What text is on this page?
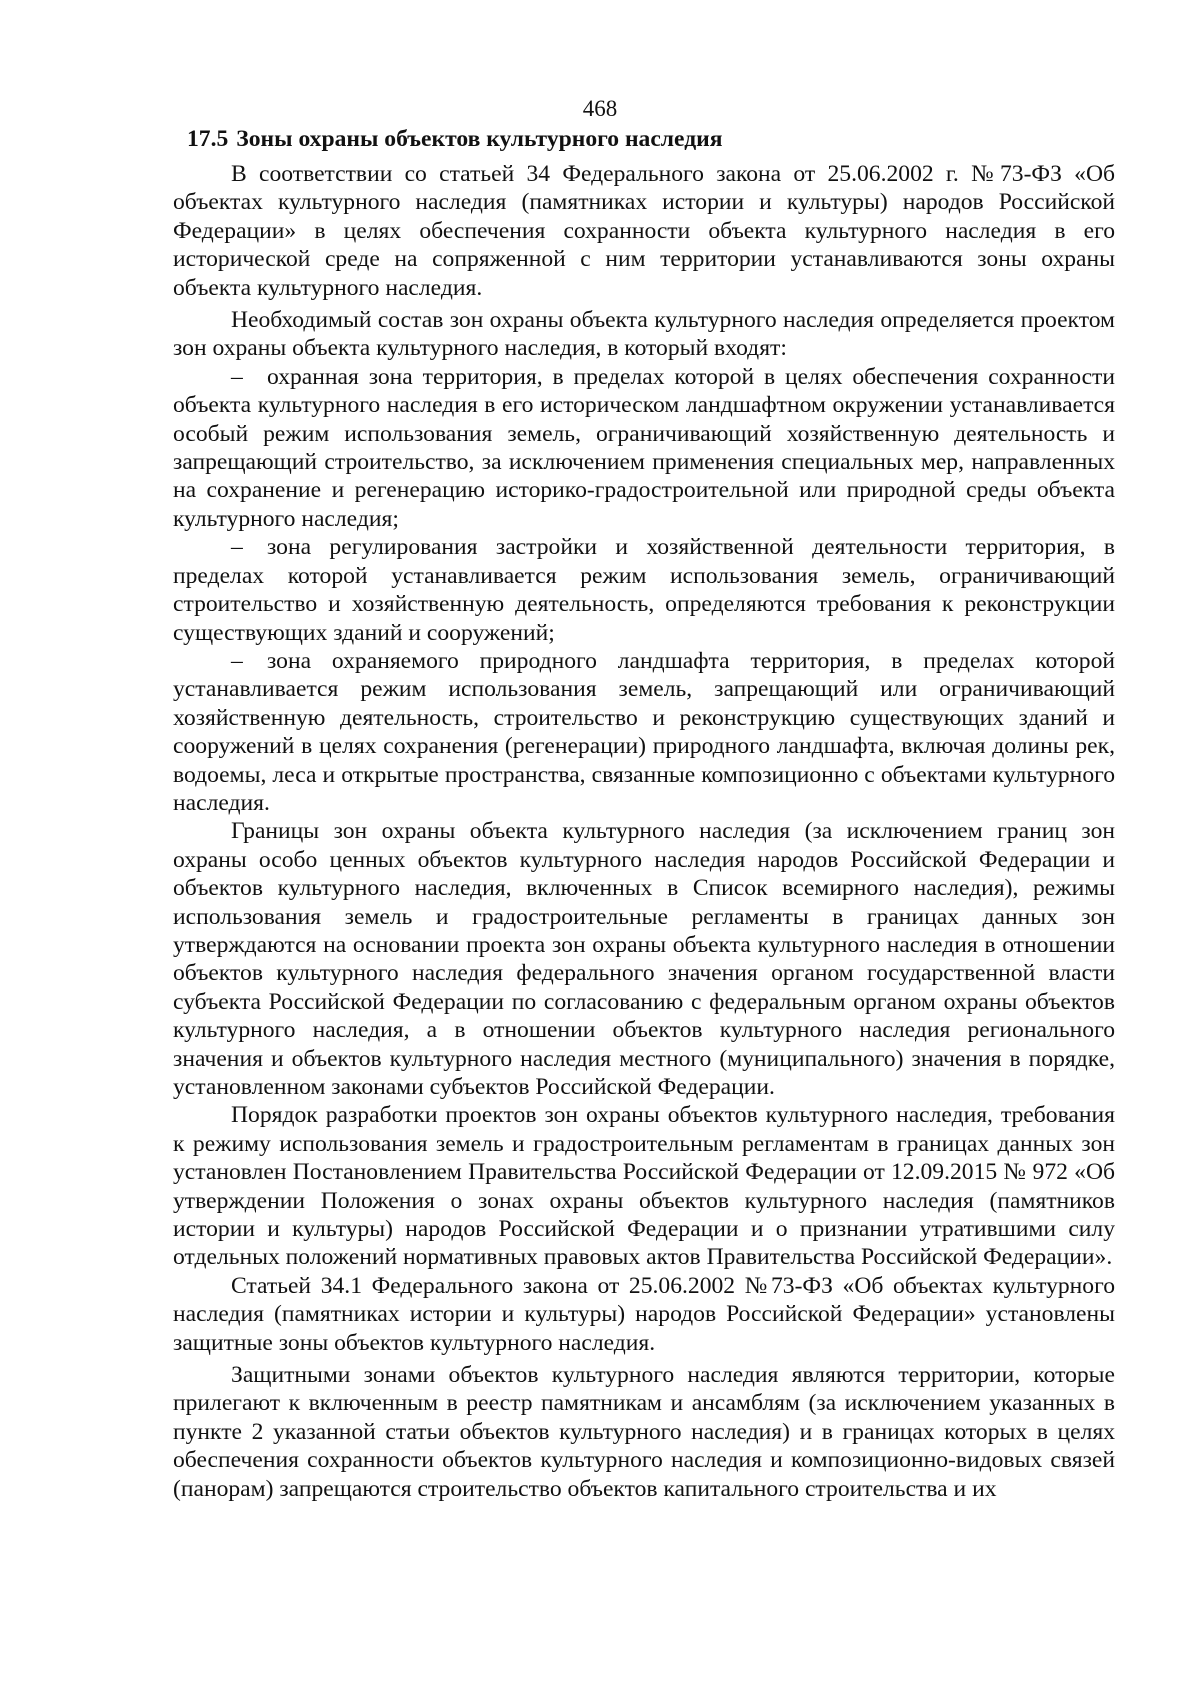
468
17.5 Зоны охраны объектов культурного наследия

В соответствии со статьей 34 Федерального закона от 25.06.2002 г. №73-ФЗ «Об объектах культурного наследия (памятниках истории и культуры) народов Российской Федерации» в целях обеспечения сохранности объекта культурного наследия в его исторической среде на сопряженной с ним территории устанавливаются зоны охраны объекта культурного наследия.

Необходимый состав зон охраны объекта культурного наследия определяется проектом зон охраны объекта культурного наследия, в который входят:

– охранная зона территория, в пределах которой в целях обеспечения сохранности объекта культурного наследия в его историческом ландшафтном окружении устанавливается особый режим использования земель, ограничивающий хозяйственную деятельность и запрещающий строительство, за исключением применения специальных мер, направленных на сохранение и регенерацию историко-градостроительной или природной среды объекта культурного наследия;

– зона регулирования застройки и хозяйственной деятельности территория, в пределах которой устанавливается режим использования земель, ограничивающий строительство и хозяйственную деятельность, определяются требования к реконструкции существующих зданий и сооружений;

– зона охраняемого природного ландшафта территория, в пределах которой устанавливается режим использования земель, запрещающий или ограничивающий хозяйственную деятельность, строительство и реконструкцию существующих зданий и сооружений в целях сохранения (регенерации) природного ландшафта, включая долины рек, водоемы, леса и открытые пространства, связанные композиционно с объектами культурного наследия.

Границы зон охраны объекта культурного наследия (за исключением границ зон охраны особо ценных объектов культурного наследия народов Российской Федерации и объектов культурного наследия, включенных в Список всемирного наследия), режимы использования земель и градостроительные регламенты в границах данных зон утверждаются на основании проекта зон охраны объекта культурного наследия в отношении объектов культурного наследия федерального значения органом государственной власти субъекта Российской Федерации по согласованию с федеральным органом охраны объектов культурного наследия, а в отношении объектов культурного наследия регионального значения и объектов культурного наследия местного (муниципального) значения в порядке, установленном законами субъектов Российской Федерации.

Порядок разработки проектов зон охраны объектов культурного наследия, требования к режиму использования земель и градостроительным регламентам в границах данных зон установлен Постановлением Правительства Российской Федерации от 12.09.2015 № 972 «Об утверждении Положения о зонах охраны объектов культурного наследия (памятников истории и культуры) народов Российской Федерации и о признании утратившими силу отдельных положений нормативных правовых актов Правительства Российской Федерации».

Статьей 34.1 Федерального закона от 25.06.2002 №73-ФЗ «Об объектах культурного наследия (памятниках истории и культуры) народов Российской Федерации» установлены защитные зоны объектов культурного наследия.

Защитными зонами объектов культурного наследия являются территории, которые прилегают к включенным в реестр памятникам и ансамблям (за исключением указанных в пункте 2 указанной статьи объектов культурного наследия) и в границах которых в целях обеспечения сохранности объектов культурного наследия и композиционно-видовых связей (панорам) запрещаются строительство объектов капитального строительства и их
